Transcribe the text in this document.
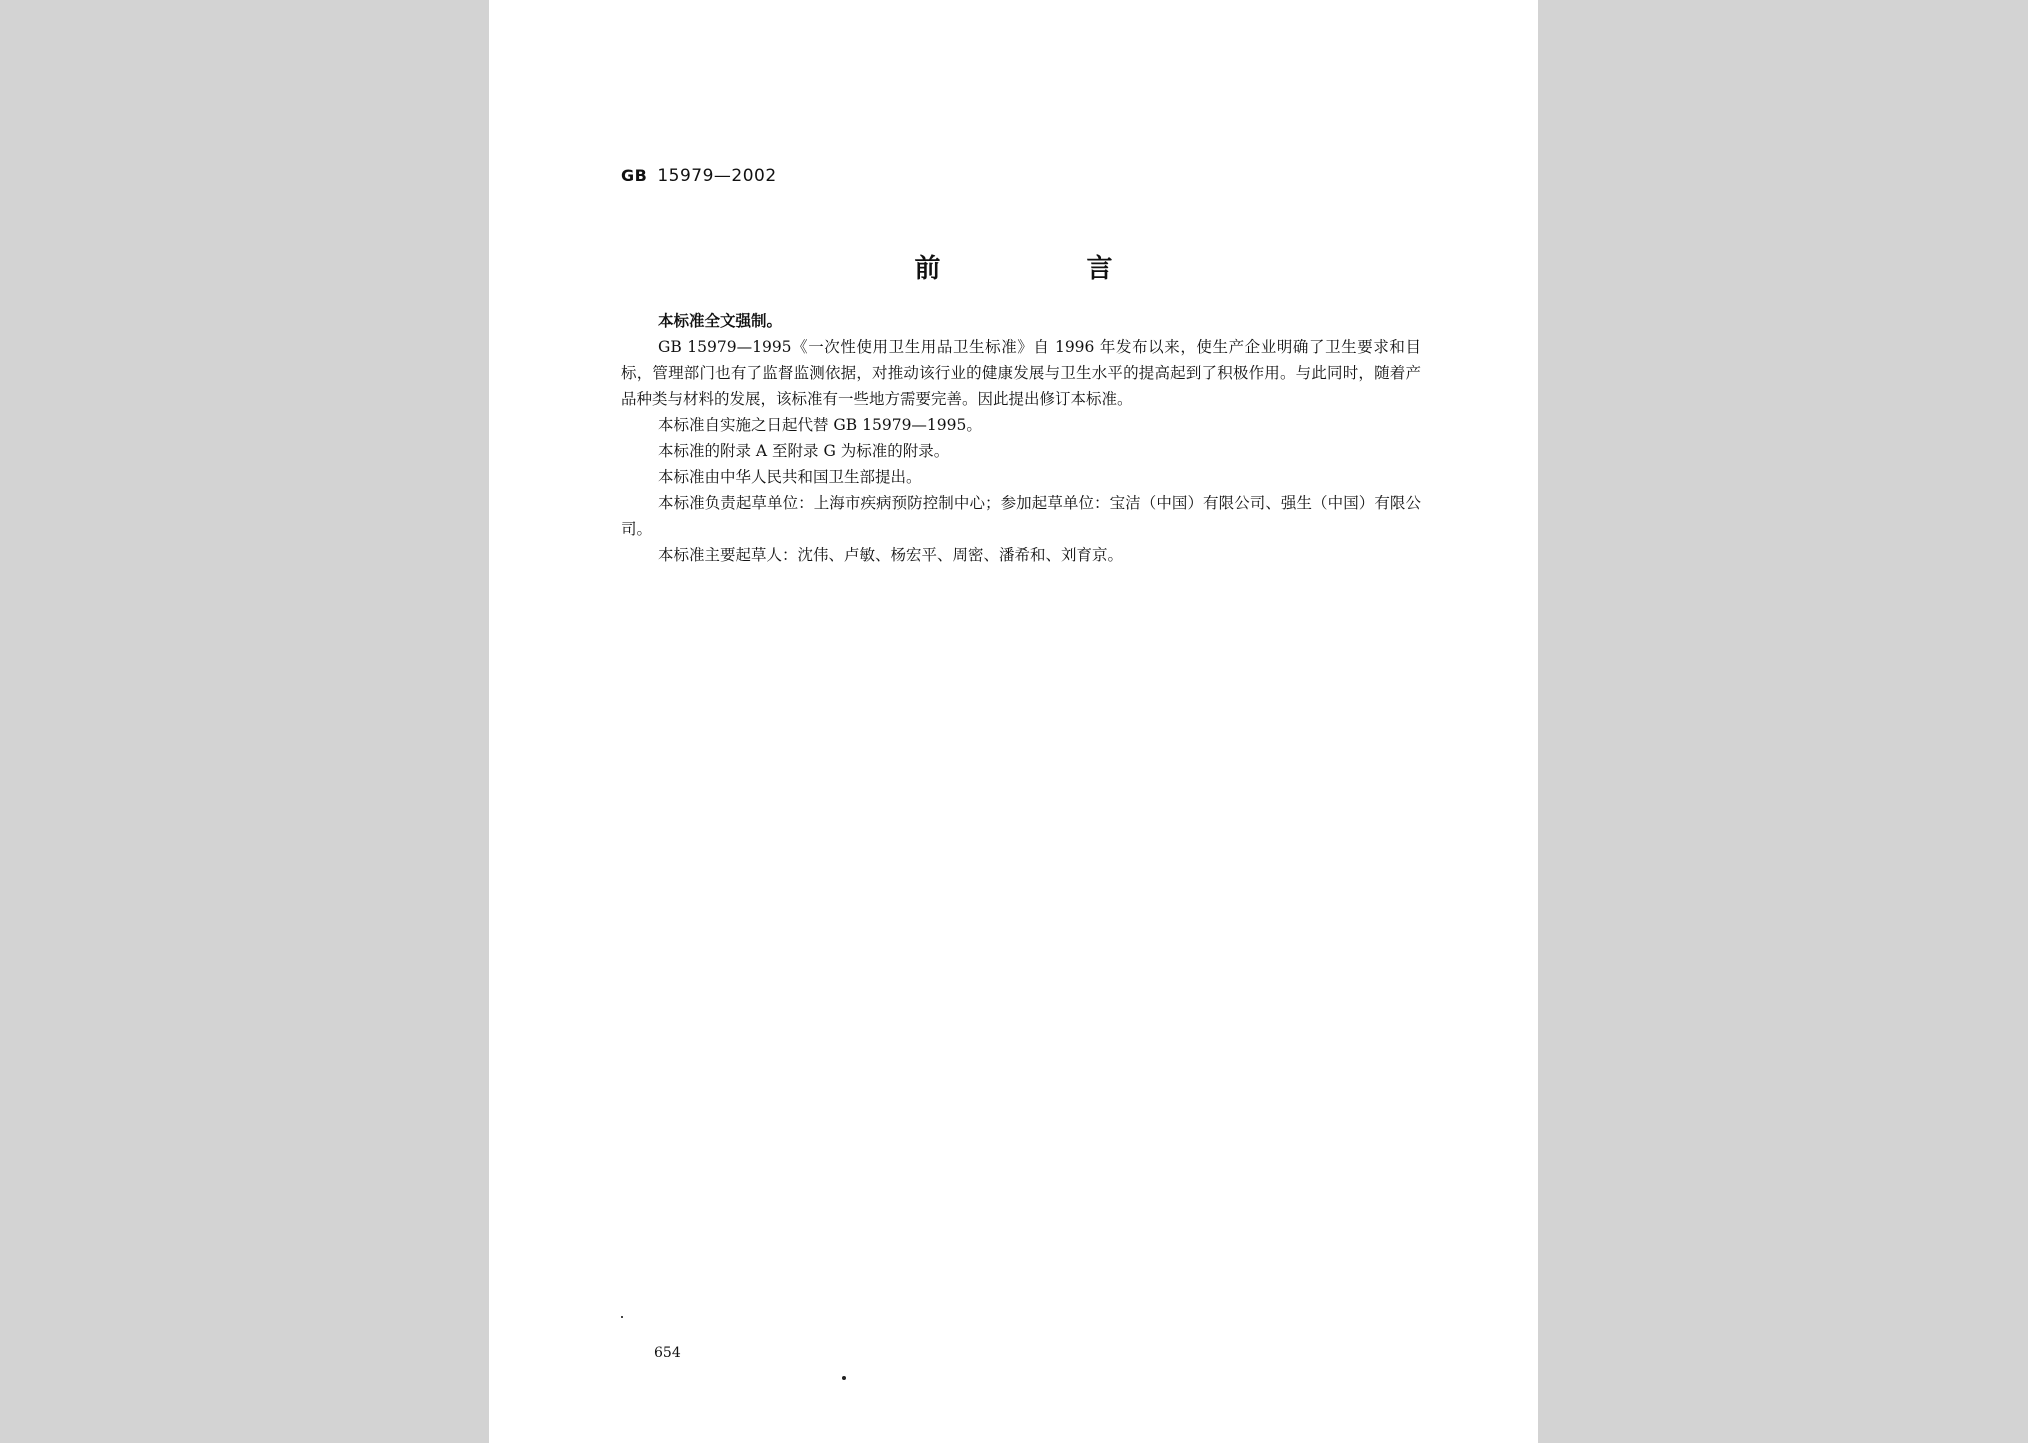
GB 15979—2002
前　言

本标准全文强制。

GB 15979—1995《一次性使用卫生用品卫生标准》自 1996 年发布以来，使生产企业明确了卫生要求和目标，管理部门也有了监督监测依据，对推动该行业的健康发展与卫生水平的提高起到了积极作用。与此同时，随着产品种类与材料的发展，该标准有一些地方需要完善。因此提出修订本标准。

本标准自实施之日起代替 GB 15979—1995。

本标准的附录 A 至附录 G 为标准的附录。

本标准由中华人民共和国卫生部提出。

本标准负责起草单位：上海市疾病预防控制中心；参加起草单位：宝洁（中国）有限公司、强生（中国）有限公司。

本标准主要起草人：沈伟、卢敏、杨宏平、周密、潘希和、刘育京。

654
